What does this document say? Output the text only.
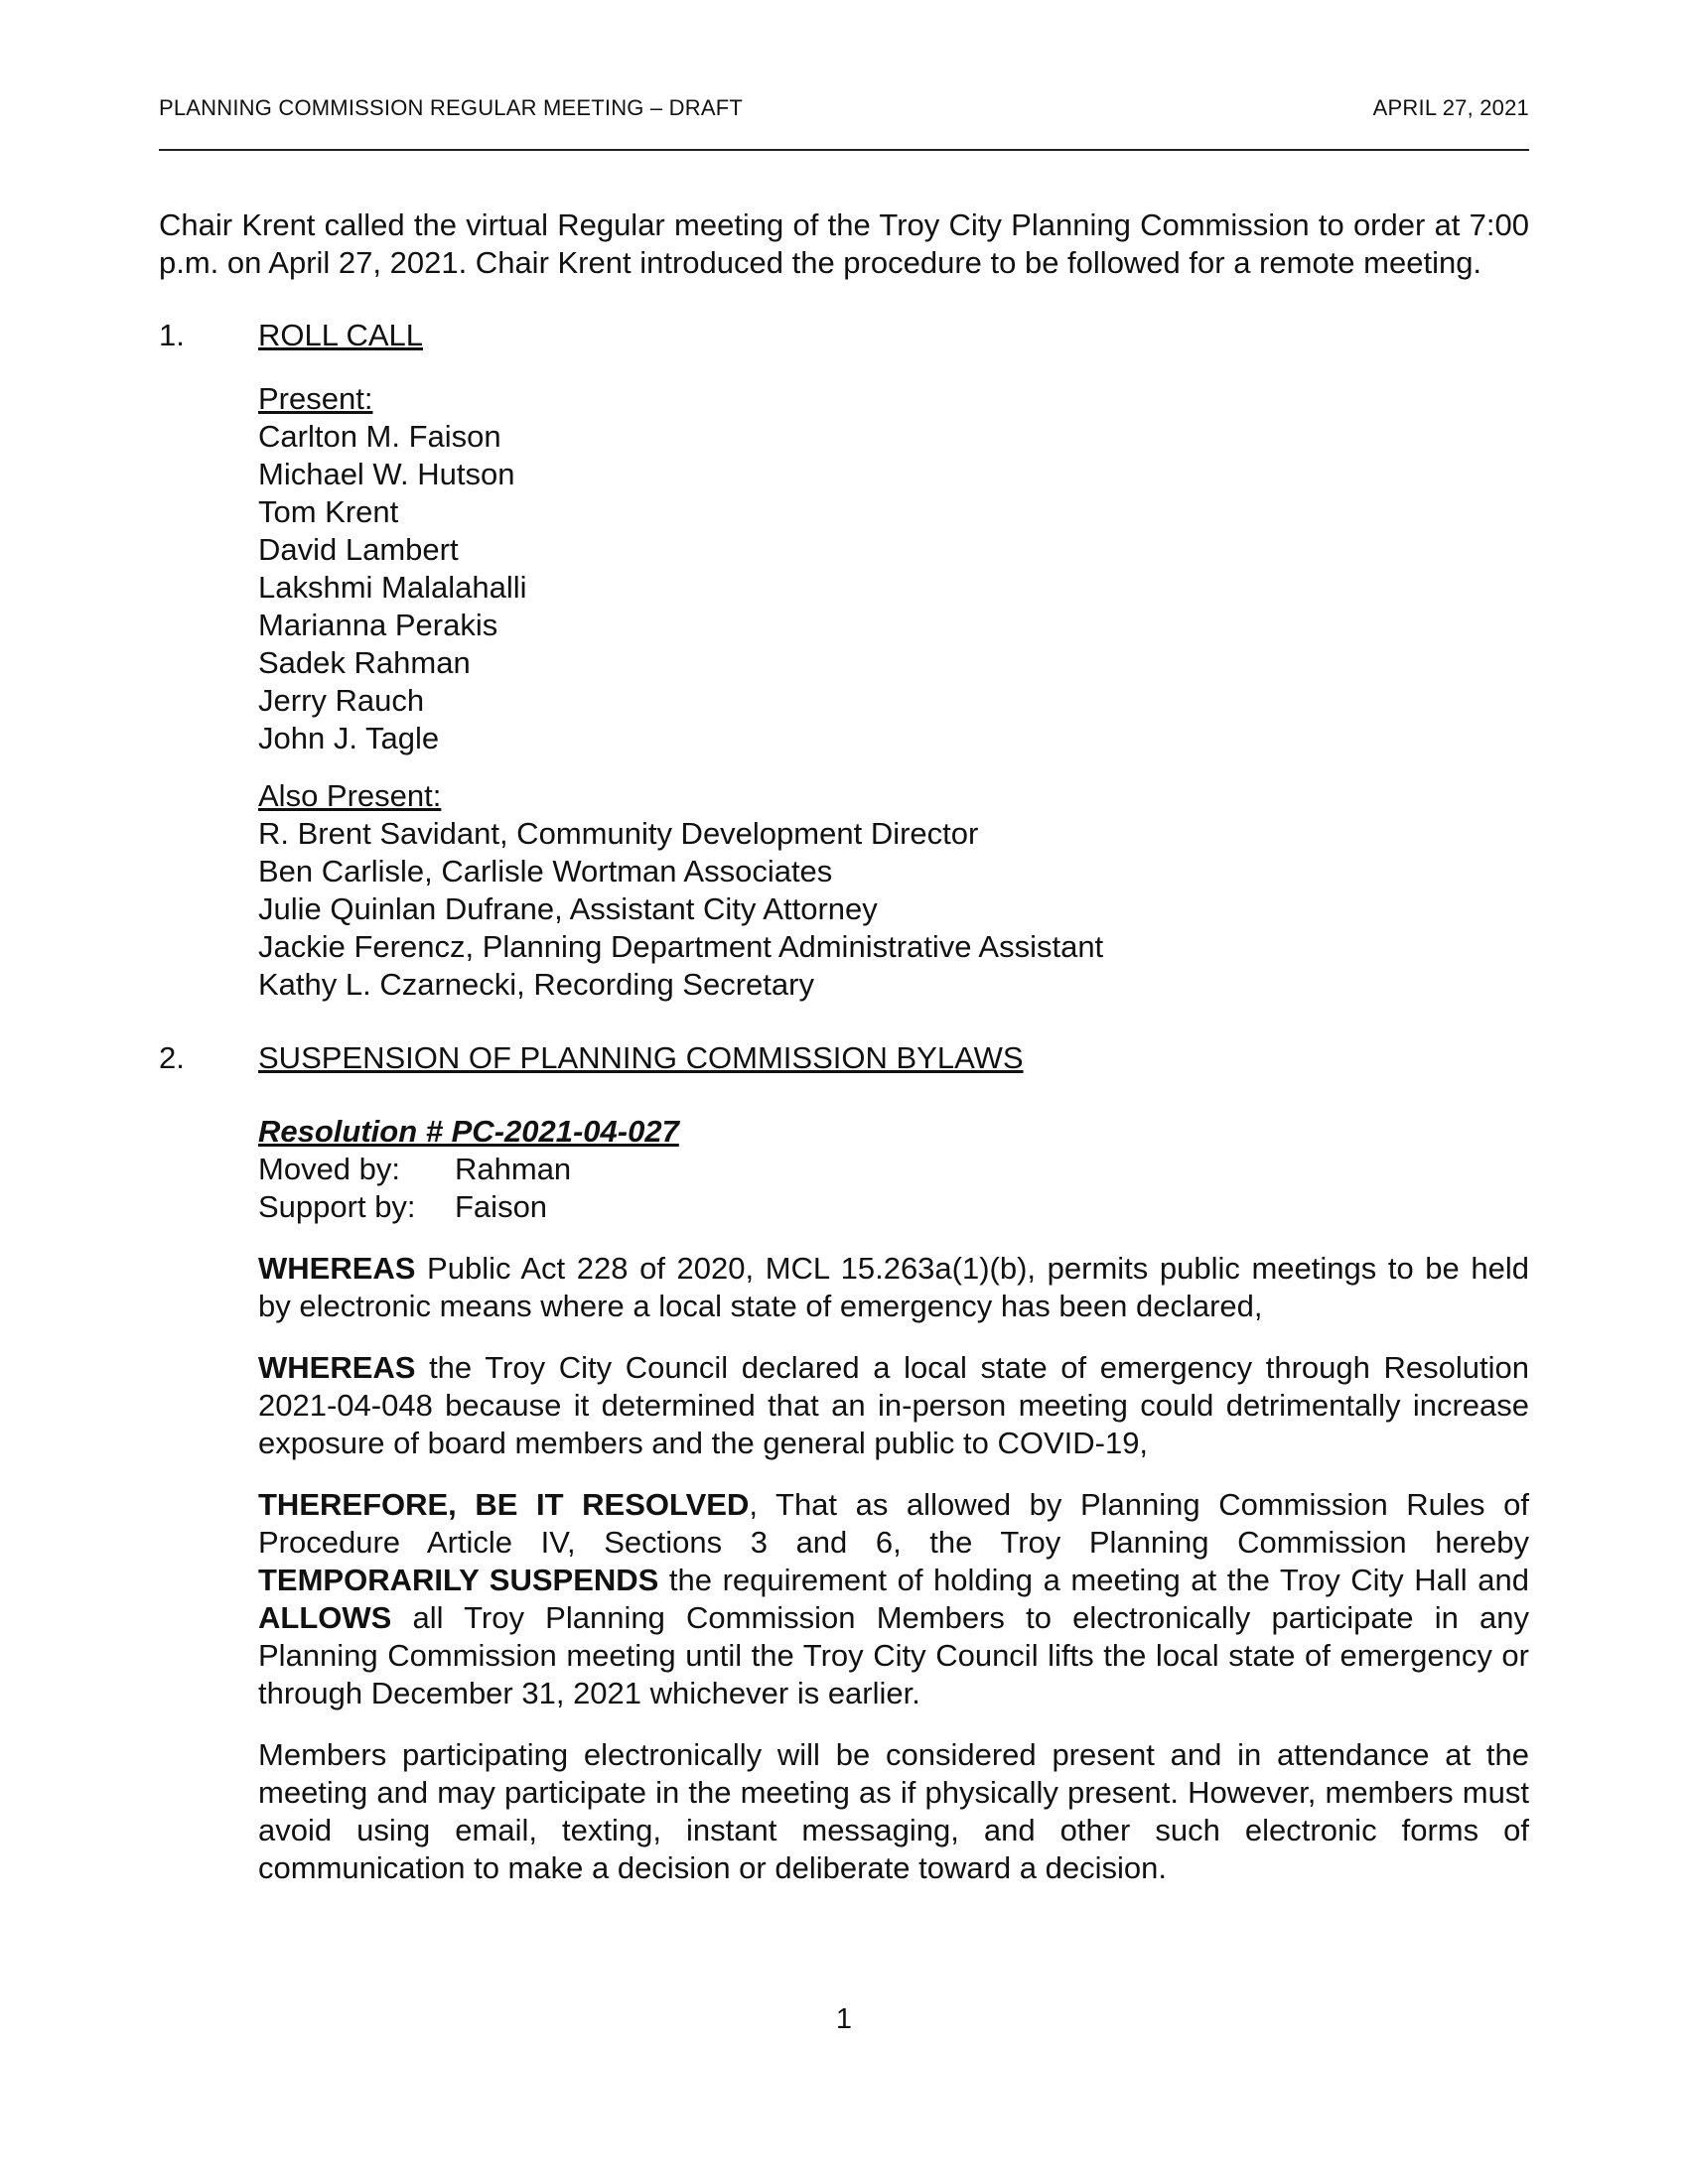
PLANNING COMMISSION REGULAR MEETING – DRAFT	APRIL 27, 2021

Chair Krent called the virtual Regular meeting of the Troy City Planning Commission to order at 7:00 p.m. on April 27, 2021. Chair Krent introduced the procedure to be followed for a remote meeting.

1.	ROLL CALL
Present:
Carlton M. Faison
Michael W. Hutson
Tom Krent
David Lambert
Lakshmi Malalahalli
Marianna Perakis
Sadek Rahman
Jerry Rauch
John J. Tagle
Also Present:
R. Brent Savidant, Community Development Director
Ben Carlisle, Carlisle Wortman Associates
Julie Quinlan Dufrane, Assistant City Attorney
Jackie Ferencz, Planning Department Administrative Assistant
Kathy L. Czarnecki, Recording Secretary
2.	SUSPENSION OF PLANNING COMMISSION BYLAWS
Resolution # PC-2021-04-027
Moved by:	Rahman
Support by:	Faison

WHEREAS Public Act 228 of 2020, MCL 15.263a(1)(b), permits public meetings to be held by electronic means where a local state of emergency has been declared,

WHEREAS the Troy City Council declared a local state of emergency through Resolution 2021-04-048 because it determined that an in-person meeting could detrimentally increase exposure of board members and the general public to COVID-19,

THEREFORE, BE IT RESOLVED, That as allowed by Planning Commission Rules of Procedure Article IV, Sections 3 and 6, the Troy Planning Commission hereby TEMPORARILY SUSPENDS the requirement of holding a meeting at the Troy City Hall and ALLOWS all Troy Planning Commission Members to electronically participate in any Planning Commission meeting until the Troy City Council lifts the local state of emergency or through December 31, 2021 whichever is earlier.

Members participating electronically will be considered present and in attendance at the meeting and may participate in the meeting as if physically present. However, members must avoid using email, texting, instant messaging, and other such electronic forms of communication to make a decision or deliberate toward a decision.

1
